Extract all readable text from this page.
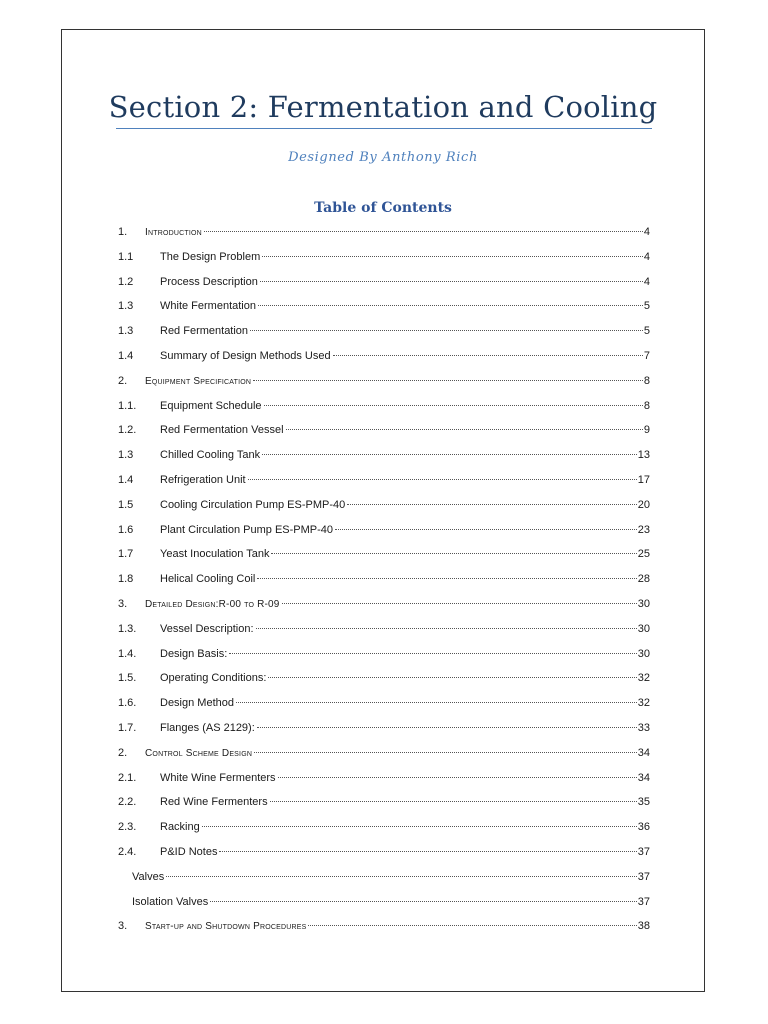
Section 2: Fermentation and Cooling
Designed By Anthony Rich
Table of Contents
1.	Introduction	4
1.1	The Design Problem	4
1.2	Process Description	4
1.3	White Fermentation	5
1.3	Red Fermentation	5
1.4	Summary of Design Methods Used	7
2.	Equipment Specification	8
1.1.	Equipment Schedule	8
1.2.	Red Fermentation Vessel	9
1.3	Chilled Cooling Tank	13
1.4	Refrigeration Unit	17
1.5	Cooling Circulation Pump ES-PMP-40	20
1.6	Plant Circulation Pump ES-PMP-40	23
1.7	Yeast Inoculation Tank	25
1.8	Helical Cooling Coil	28
3.	Detailed Design:R-00 to R-09	30
1.3.	Vessel Description:	30
1.4.	Design Basis:	30
1.5.	Operating Conditions:	32
1.6.	Design Method	32
1.7.	Flanges (AS 2129):	33
2.	Control Scheme Design	34
2.1.	White Wine Fermenters	34
2.2.	Red Wine Fermenters	35
2.3.	Racking	36
2.4.	P&ID Notes	37
Valves	37
Isolation Valves	37
3.	Start-up and Shutdown Procedures	38
